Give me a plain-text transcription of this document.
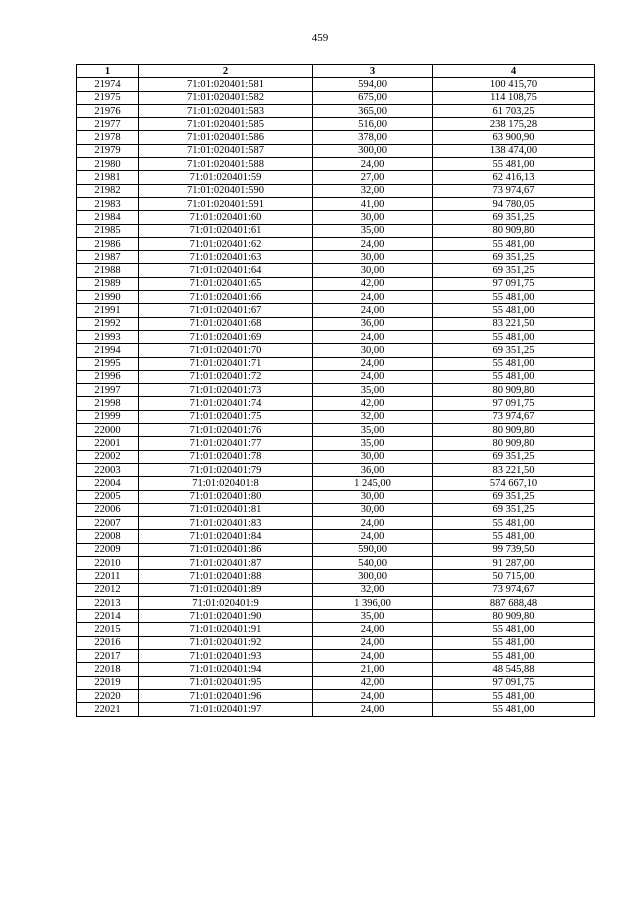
459
1	2	3	4
21974	71:01:020401:581	594,00	100 415,70
21975	71:01:020401:582	675,00	114 108,75
21976	71:01:020401:583	365,00	61 703,25
21977	71:01:020401:585	516,00	238 175,28
21978	71:01:020401:586	378,00	63 900,90
21979	71:01:020401:587	300,00	138 474,00
21980	71:01:020401:588	24,00	55 481,00
21981	71:01:020401:59	27,00	62 416,13
21982	71:01:020401:590	32,00	73 974,67
21983	71:01:020401:591	41,00	94 780,05
21984	71:01:020401:60	30,00	69 351,25
21985	71:01:020401:61	35,00	80 909,80
21986	71:01:020401:62	24,00	55 481,00
21987	71:01:020401:63	30,00	69 351,25
21988	71:01:020401:64	30,00	69 351,25
21989	71:01:020401:65	42,00	97 091,75
21990	71:01:020401:66	24,00	55 481,00
21991	71:01:020401:67	24,00	55 481,00
21992	71:01:020401:68	36,00	83 221,50
21993	71:01:020401:69	24,00	55 481,00
21994	71:01:020401:70	30,00	69 351,25
21995	71:01:020401:71	24,00	55 481,00
21996	71:01:020401:72	24,00	55 481,00
21997	71:01:020401:73	35,00	80 909,80
21998	71:01:020401:74	42,00	97 091,75
21999	71:01:020401:75	32,00	73 974,67
22000	71:01:020401:76	35,00	80 909,80
22001	71:01:020401:77	35,00	80 909,80
22002	71:01:020401:78	30,00	69 351,25
22003	71:01:020401:79	36,00	83 221,50
22004	71:01:020401:8	1 245,00	574 667,10
22005	71:01:020401:80	30,00	69 351,25
22006	71:01:020401:81	30,00	69 351,25
22007	71:01:020401:83	24,00	55 481,00
22008	71:01:020401:84	24,00	55 481,00
22009	71:01:020401:86	590,00	99 739,50
22010	71:01:020401:87	540,00	91 287,00
22011	71:01:020401:88	300,00	50 715,00
22012	71:01:020401:89	32,00	73 974,67
22013	71:01:020401:9	1 396,00	887 688,48
22014	71:01:020401:90	35,00	80 909,80
22015	71:01:020401:91	24,00	55 481,00
22016	71:01:020401:92	24,00	55 481,00
22017	71:01:020401:93	24,00	55 481,00
22018	71:01:020401:94	21,00	48 545,88
22019	71:01:020401:95	42,00	97 091,75
22020	71:01:020401:96	24,00	55 481,00
22021	71:01:020401:97	24,00	55 481,00
